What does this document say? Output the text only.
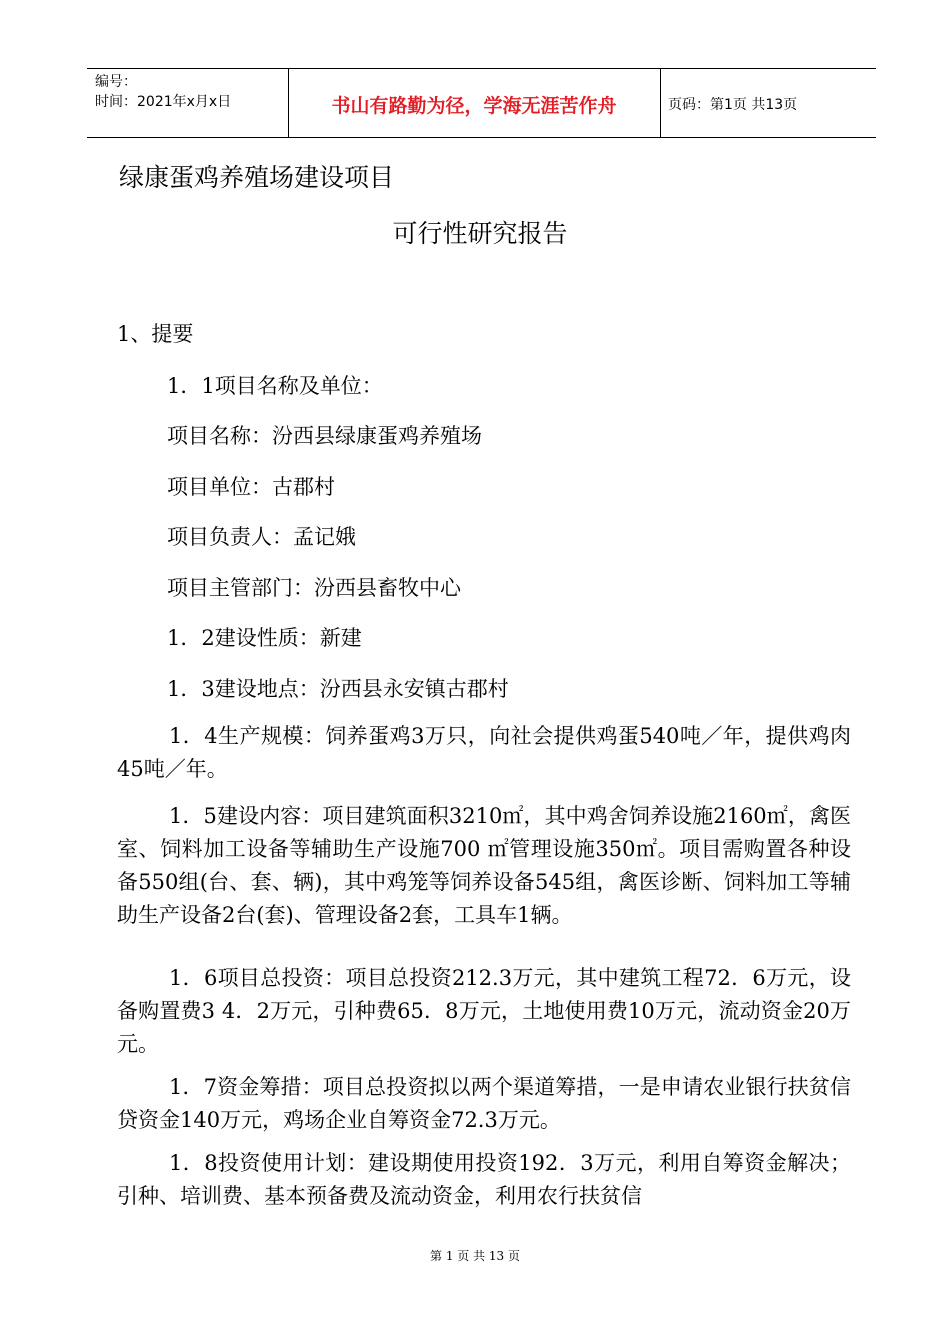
编号：
时间：2021年x月x日	书山有路勤为径，学海无涯苦作舟	页码：第1页 共13页
绿康蛋鸡养殖场建设项目
可行性研究报告
1、提要
1．1项目名称及单位：
项目名称：汾西县绿康蛋鸡养殖场
项目单位：古郡村
项目负责人：孟记娥
项目主管部门：汾西县畜牧中心
1．2建设性质：新建
1．3建设地点：汾西县永安镇古郡村
1．4生产规模：饲养蛋鸡3万只，向社会提供鸡蛋540吨／年，提供鸡肉45吨／年。
1．5建设内容：项目建筑面积3210㎡，其中鸡舍饲养设施2160㎡，禽医室、饲料加工设备等辅助生产设施700 ㎡管理设施350㎡。项目需购置各种设备550组(台、套、辆)，其中鸡笼等饲养设备545组，禽医诊断、饲料加工等辅助生产设备2台(套)、管理设备2套，工具车1辆。
1．6项目总投资：项目总投资212.3万元，其中建筑工程72．6万元，设备购置费3 4．2万元，引种费65．8万元，土地使用费10万元，流动资金20万元。
1．7资金筹措：项目总投资拟以两个渠道筹措，一是申请农业银行扶贫信贷资金140万元，鸡场企业自筹资金72.3万元。
1．8投资使用计划：建设期使用投资192．3万元，利用自筹资金解决；引种、培训费、基本预备费及流动资金，利用农行扶贫信
第 1 页 共 13 页
